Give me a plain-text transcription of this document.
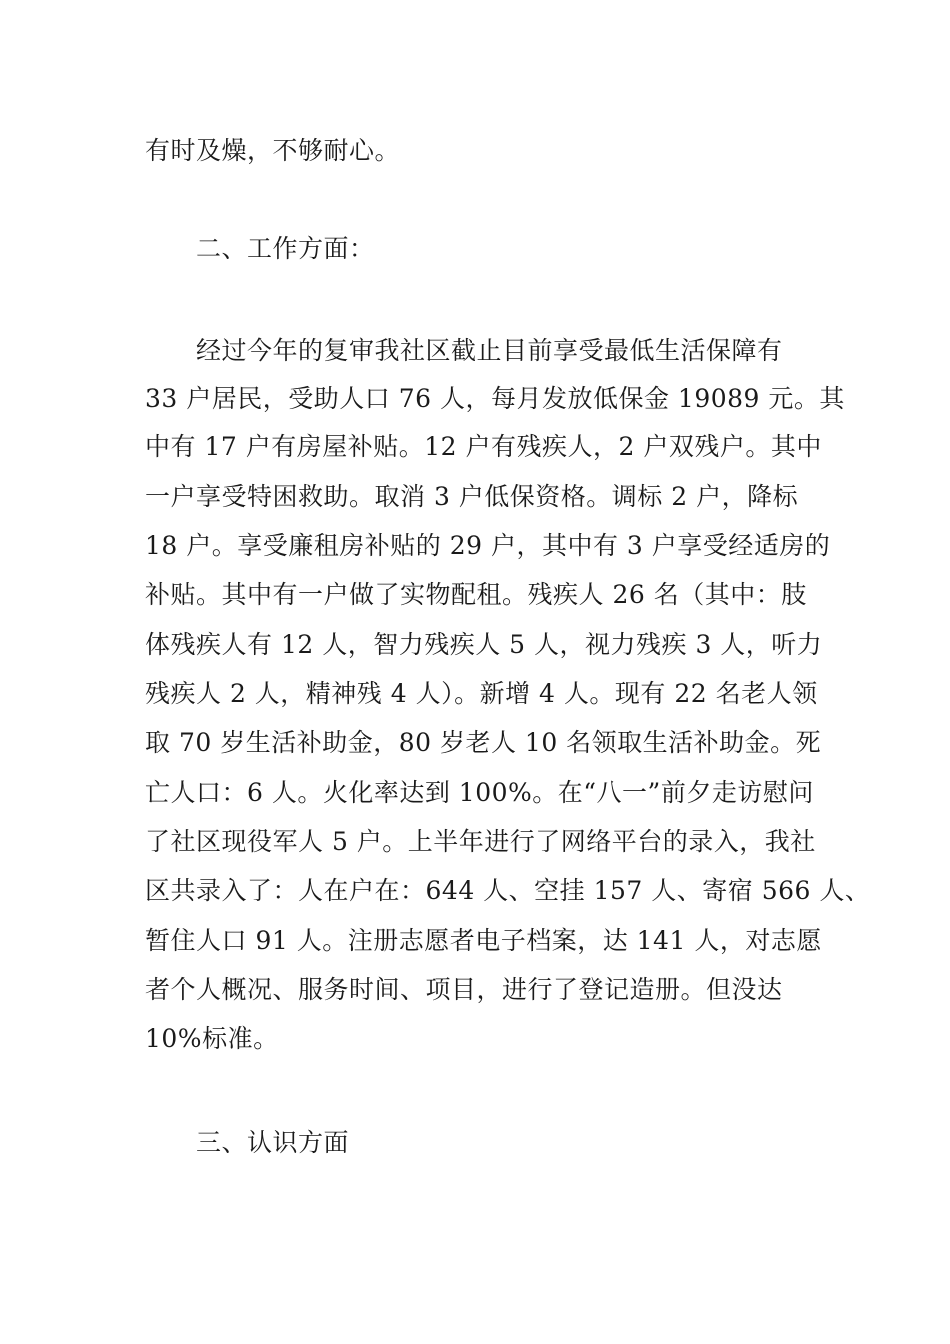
有时及燥，不够耐心。
二、工作方面：
经过今年的复审我社区截止目前享受最低生活保障有
33 户居民，受助人口 76 人，每月发放低保金 19089 元。其
中有 17 户有房屋补贴。12 户有残疾人，2 户双残户。其中
一户享受特困救助。取消 3 户低保资格。调标 2 户，降标
18 户。享受廉租房补贴的 29 户，其中有 3 户享受经适房的
补贴。其中有一户做了实物配租。残疾人 26 名（其中：肢
体残疾人有 12 人，智力残疾人 5 人，视力残疾 3 人，听力
残疾人 2 人，精神残 4 人）。新增 4 人。现有 22 名老人领
取 70 岁生活补助金，80 岁老人 10 名领取生活补助金。死
亡人口：6 人。火化率达到 100%。在“八一”前夕走访慰问
了社区现役军人 5 户。上半年进行了网络平台的录入，我社
区共录入了：人在户在：644 人、空挂 157 人、寄宿 566 人、
暂住人口 91 人。注册志愿者电子档案，达 141 人，对志愿
者个人概况、服务时间、项目，进行了登记造册。但没达
10%标准。
三、认识方面
